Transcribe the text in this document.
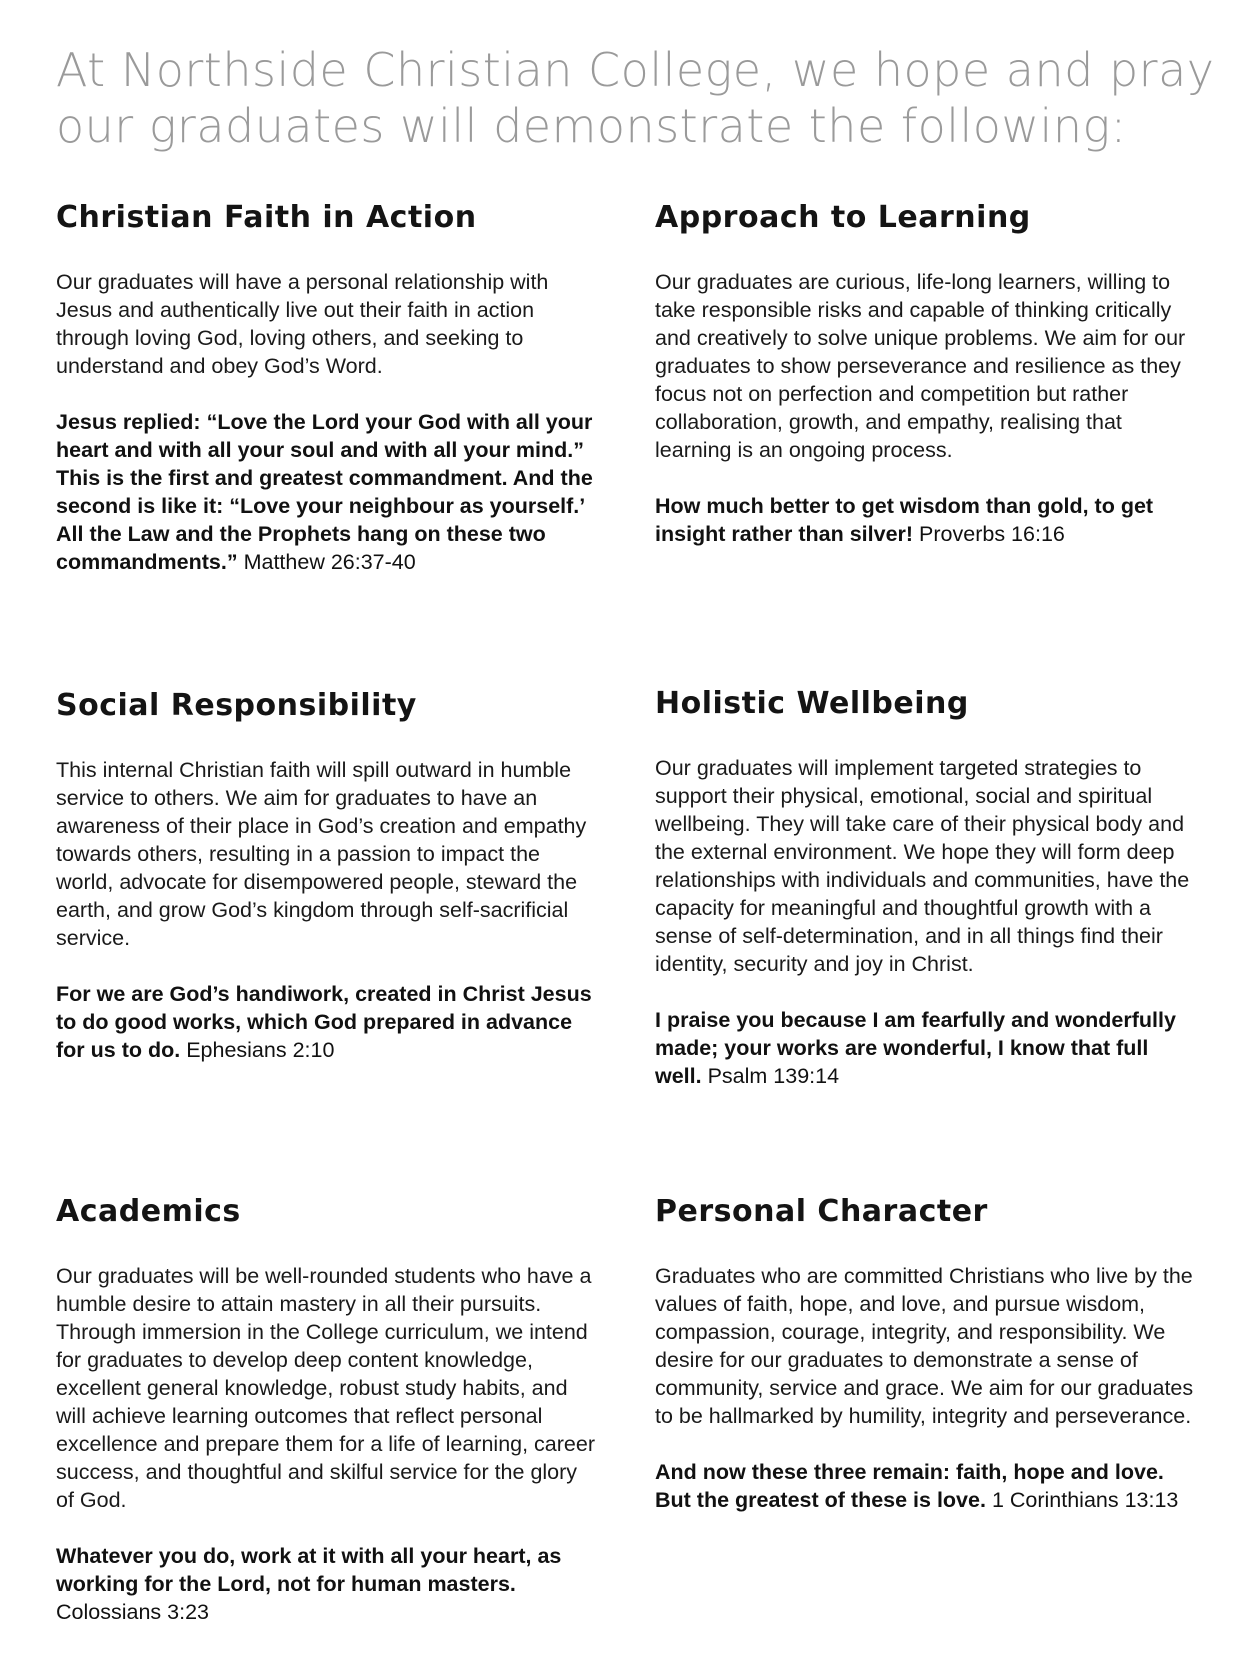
At Northside Christian College, we hope and pray
our graduates will demonstrate the following:
Christian Faith in Action

Our graduates will have a personal relationship with Jesus and authentically live out their faith in action through loving God, loving others, and seeking to understand and obey God’s Word.

Jesus replied: “Love the Lord your God with all your heart and with all your soul and with all your mind.” This is the first and greatest commandment. And the second is like it: “Love your neighbour as yourself.’ All the Law and the Prophets hang on these two commandments.” Matthew 26:37-40

Approach to Learning

Our graduates are curious, life-long learners, willing to take responsible risks and capable of thinking critically and creatively to solve unique problems. We aim for our graduates to show perseverance and resilience as they focus not on perfection and competition but rather collaboration, growth, and empathy, realising that learning is an ongoing process.

How much better to get wisdom than gold, to get insight rather than silver! Proverbs 16:16

Social Responsibility

This internal Christian faith will spill outward in humble service to others. We aim for graduates to have an awareness of their place in God’s creation and empathy towards others, resulting in a passion to impact the world, advocate for disempowered people, steward the earth, and grow God’s kingdom through self-sacrificial service.

For we are God’s handiwork, created in Christ Jesus to do good works, which God prepared in advance for us to do. Ephesians 2:10

Holistic Wellbeing

Our graduates will implement targeted strategies to support their physical, emotional, social and spiritual wellbeing. They will take care of their physical body and the external environment. We hope they will form deep relationships with individuals and communities, have the capacity for meaningful and thoughtful growth with a sense of self-determination, and in all things find their identity, security and joy in Christ.

I praise you because I am fearfully and wonderfully made; your works are wonderful, I know that full well. Psalm 139:14

Academics

Our graduates will be well-rounded students who have a humble desire to attain mastery in all their pursuits. Through immersion in the College curriculum, we intend for graduates to develop deep content knowledge, excellent general knowledge, robust study habits, and will achieve learning outcomes that reflect personal excellence and prepare them for a life of learning, career success, and thoughtful and skilful service for the glory of God.

Whatever you do, work at it with all your heart, as working for the Lord, not for human masters. Colossians 3:23

Personal Character

Graduates who are committed Christians who live by the values of faith, hope, and love, and pursue wisdom, compassion, courage, integrity, and responsibility. We desire for our graduates to demonstrate a sense of community, service and grace. We aim for our graduates to be hallmarked by humility, integrity and perseverance.

And now these three remain: faith, hope and love. But the greatest of these is love. 1 Corinthians 13:13
